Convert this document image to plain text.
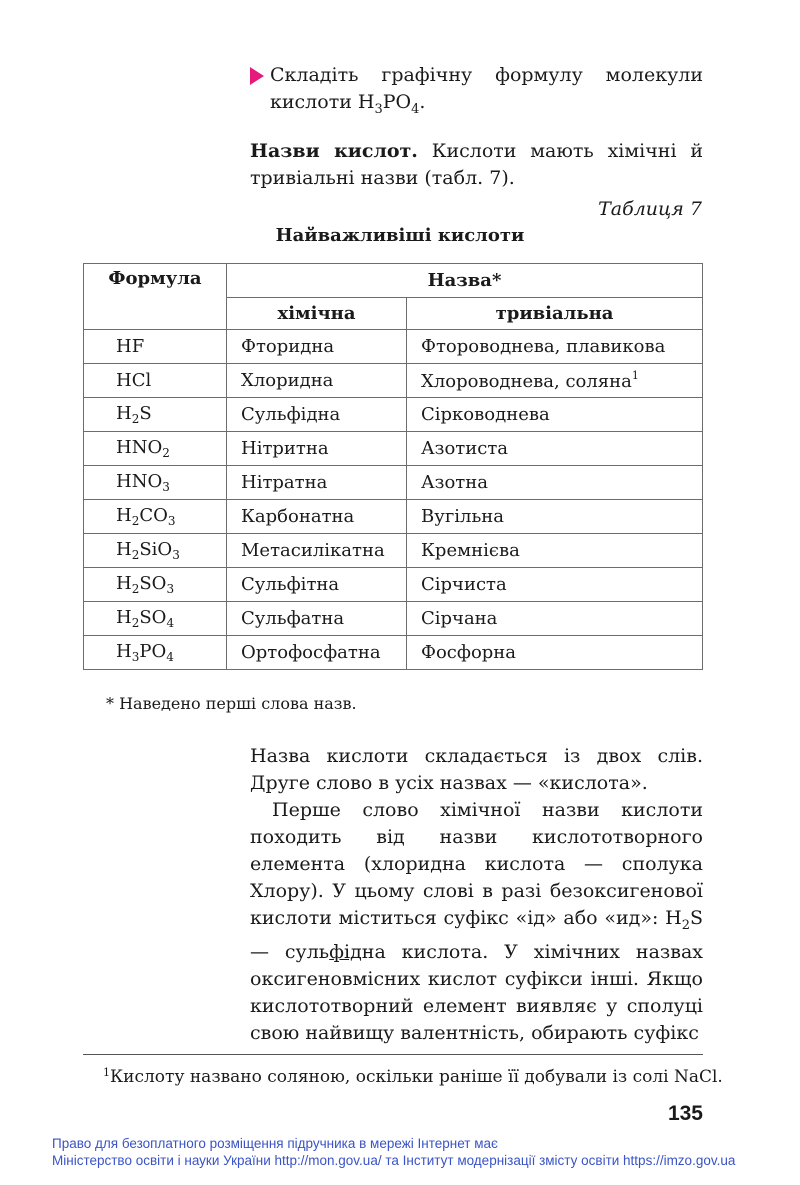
Складіть графічну формулу молекули кислоти $H_3PO_4$.
Назви кислот. Кислоти мають хімічні й тривіальні назви (табл. 7).
Таблиця 7
Найважливіші кислоти
Формула	Назва*	
	хімічна	тривіальна
HF	Фторидна	Фтороводнева, плавикова
HCl	Хлоридна	Хлороводнева, соляна$^1$
$H_2S$	Сульфідна	Сірководнева
$HNO_2$	Нітритна	Азотиста
$HNO_3$	Нітратна	Азотна
$H_2CO_3$	Карбонатна	Вугільна
$H_2SiO_3$	Метасилікатна	Кремнієва
$H_2SO_3$	Сульфітна	Сірчиста
$H_2SO_4$	Сульфатна	Сірчана
$H_3PO_4$	Ортофосфатна	Фосфорна
* Наведено перші слова назв.
Назва кислоти складається із двох слів. Друге слово в усіх назвах — «кислота».
Перше слово хімічної назви кислоти походить від назви кислототворного елемента (хлоридна кислота — сполука Хлору). У цьому слові в разі безоксигенової кислоти міститься суфікс «ід» або «ид»: $H_2S$ — сульфідна кислота. У хімічних назвах оксигеновмісних кислот суфікси інші. Якщо кислототворний елемент виявляє у сполуці свою найвищу валентність, обирають суфікс
$^1$Кислоту названо соляною, оскільки раніше її добували із солі NaCl.
135
Право для безоплатного розміщення підручника в мережі Інтернет має
Міністерство освіти і науки України http://mon.gov.ua/ та Інститут модернізації змісту освіти https://imzo.gov.ua
